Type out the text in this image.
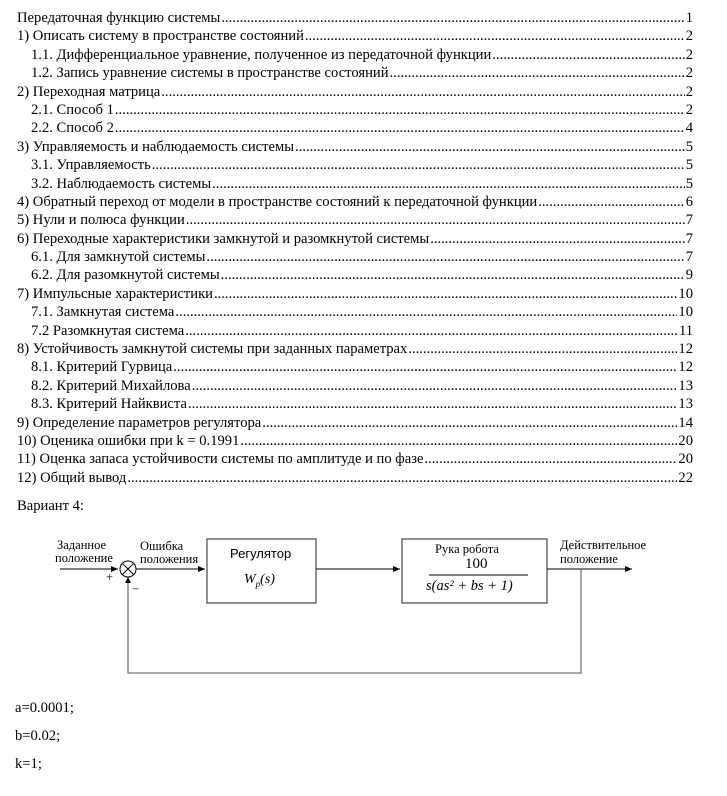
Передаточная функцию системы .....	1
1) Описать систему в пространстве состояний .....	2
1.1. Дифференциальное уравнение, полученное из передаточной функции .....	2
1.2. Запись уравнение системы в пространстве состояний .....	2
2) Переходная матрица .....	2
2.1. Способ 1 .....	2
2.2. Способ 2 .....	4
3) Управляемость и наблюдаемость системы .....	5
3.1. Управляемость .....	5
3.2. Наблюдаемость системы .....	5
4) Обратный переход от модели в пространстве состояний к передаточной функции .....	6
5) Нули и полюса функции .....	7
6) Переходные характеристики замкнутой и разомкнутой системы .....	7
6.1. Для замкнутой системы .....	7
6.2. Для разомкнутой системы .....	9
7) Импульсные характеристики .....	10
7.1. Замкнутая система .....	10
7.2 Разомкнутая система .....	11
8) Устойчивость замкнутой системы при заданных параметрах .....	12
8.1. Критерий Гурвица .....	12
8.2. Критерий Михайлова .....	13
8.3. Критерий Найквиста .....	13
9) Определение параметров регулятора .....	14
10) Оценика ошибки при k = 0.1991 .....	20
11) Оценка запаса устойчивости системы по амплитуде и по фазе .....	20
12) Общий вывод .....	22
Вариант 4:
Заданное
положение
+
−
Ошибка
положения Регулятор
$W_p(s)$
Рука робота
100
s(as² + bs + 1)
Действительное
положение
a=0.0001;
b=0.02;
k=1;
